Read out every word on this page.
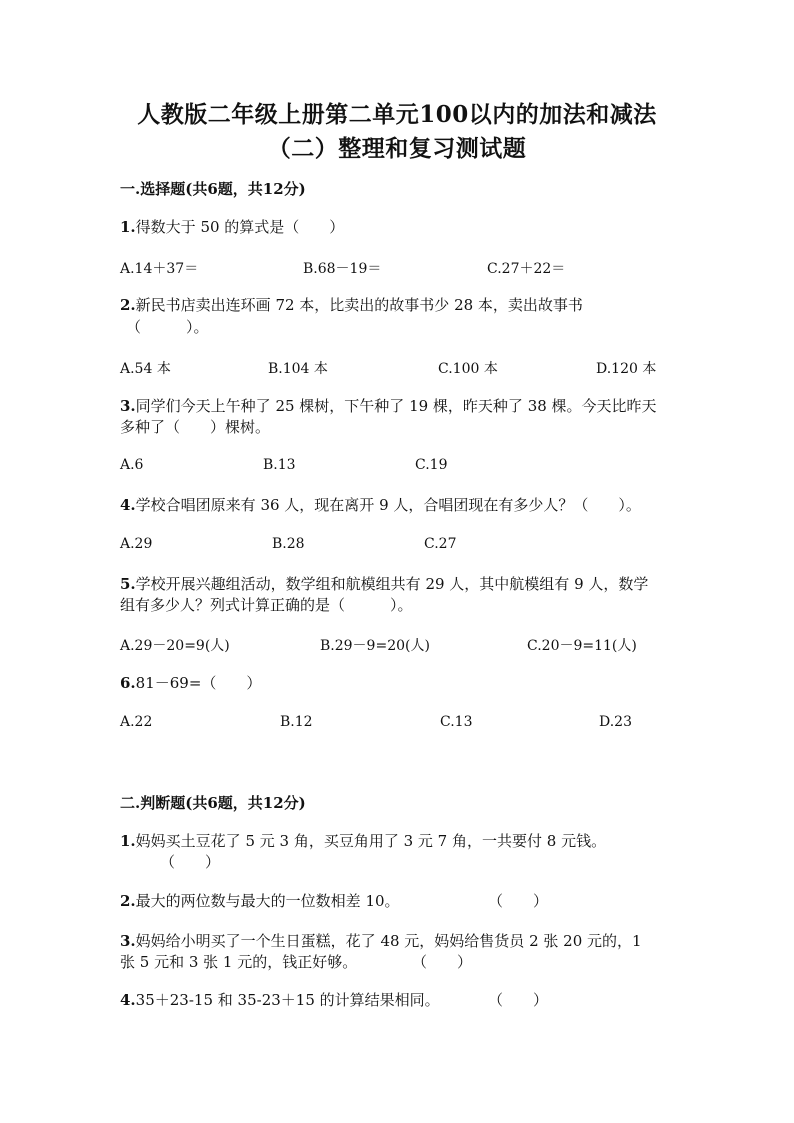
人教版二年级上册第二单元100以内的加法和减法
（二）整理和复习测试题
一.选择题(共6题，共12分)
1.得数大于 50 的算式是（　　）
A.14＋37＝	B.68－19＝	C.27＋22＝
2.新民书店卖出连环画 72 本，比卖出的故事书少 28 本，卖出故事书
（　　　）。
A.54 本	B.104 本	C.100 本	D.120 本
3.同学们今天上午种了 25 棵树，下午种了 19 棵，昨天种了 38 棵。今天比昨天
多种了（　　）棵树。
A.6	B.13	C.19
4.学校合唱团原来有 36 人，现在离开 9 人，合唱团现在有多少人？（　　）。
A.29	B.28	C.27
5.学校开展兴趣组活动，数学组和航模组共有 29 人，其中航模组有 9 人，数学
组有多少人？列式计算正确的是（　　　）。
A.29－20=9(人)	B.29－9=20(人)	C.20－9=11(人)
6.81－69=（　　）
A.22	B.12	C.13	D.23
二.判断题(共6题，共12分)
1.妈妈买土豆花了 5 元 3 角，买豆角用了 3 元 7 角，一共要付 8 元钱。
（　　）
2.最大的两位数与最大的一位数相差 10。	（　　）
3.妈妈给小明买了一个生日蛋糕，花了 48 元，妈妈给售货员 2 张 20 元的，1
张 5 元和 3 张 1 元的，钱正好够。	（　　）
4.35＋23-15 和 35-23＋15 的计算结果相同。	（　　）
